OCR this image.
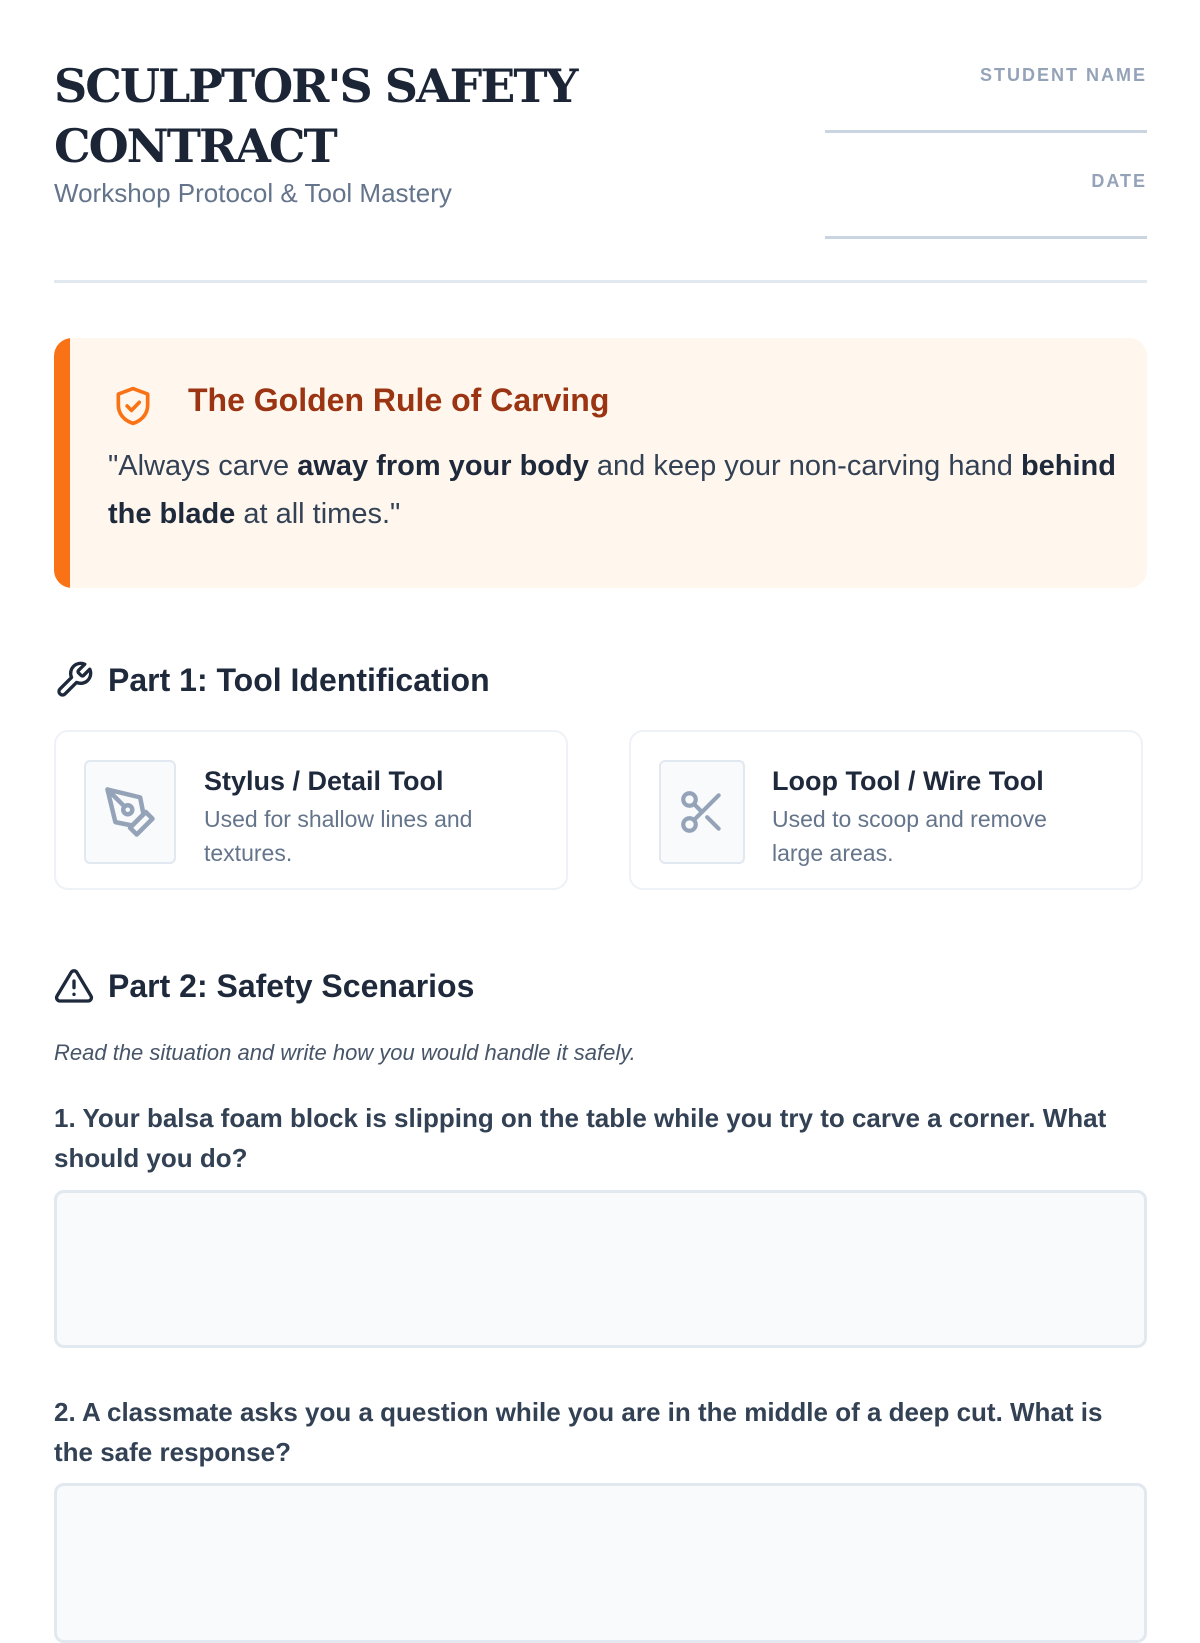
SCULPTOR'S SAFETY CONTRACT

Workshop Protocol & Tool Mastery

STUDENT NAME
DATE
The Golden Rule of Carving

"Always carve away from your body and keep your non-carving hand behind the blade at all times."

Part 1: Tool Identification
Stylus / Detail Tool

Used for shallow lines and textures.

Loop Tool / Wire Tool

Used to scoop and remove large areas.

Part 2: Safety Scenarios

Read the situation and write how you would handle it safely.

1. Your balsa foam block is slipping on the table while you try to carve a corner. What should you do?

2. A classmate asks you a question while you are in the middle of a deep cut. What is the safe response?
